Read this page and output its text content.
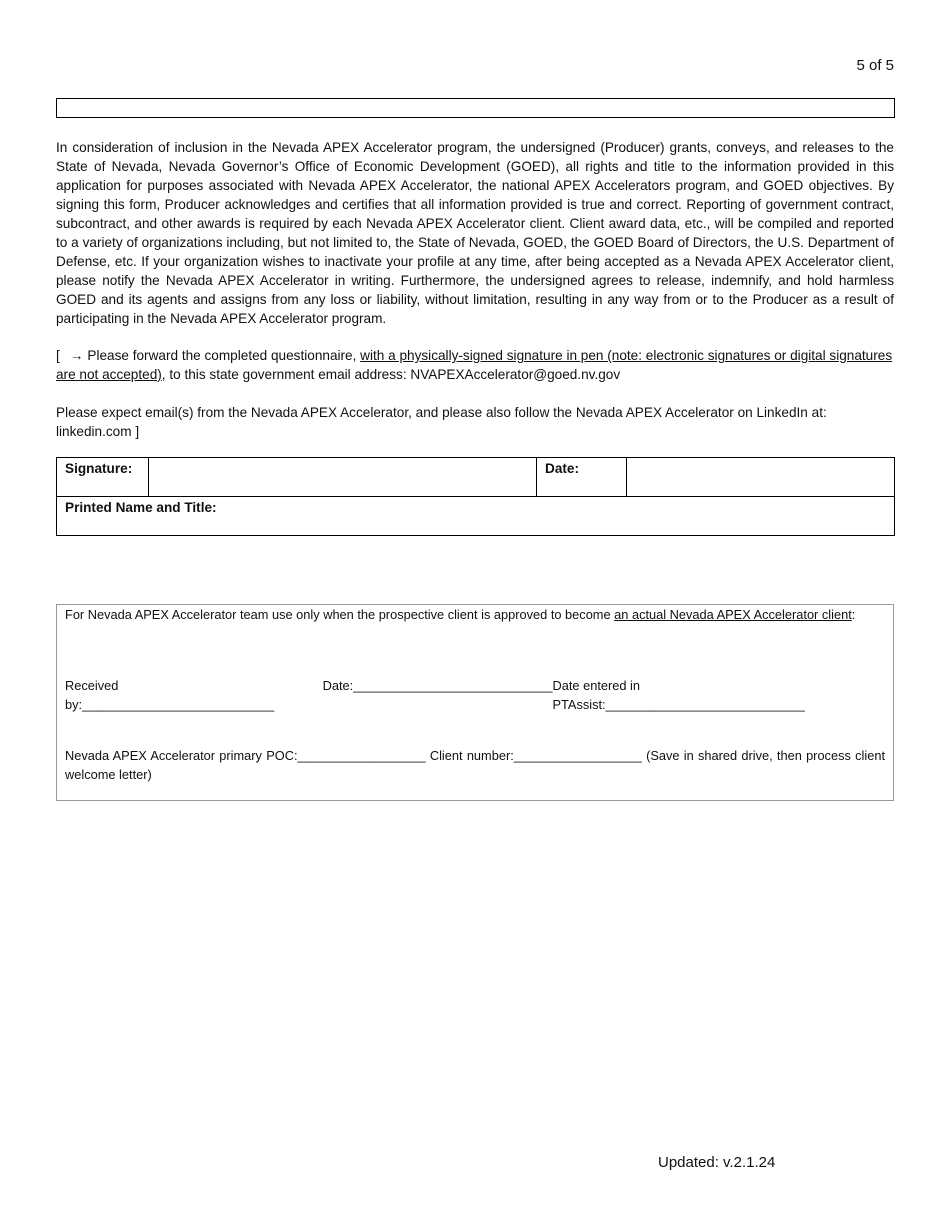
5 of 5

In consideration of inclusion in the Nevada APEX Accelerator program, the undersigned (Producer) grants, conveys, and releases to the State of Nevada, Nevada Governor’s Office of Economic Development (GOED), all rights and title to the information provided in this application for purposes associated with Nevada APEX Accelerator, the national APEX Accelerators program, and GOED objectives. By signing this form, Producer acknowledges and certifies that all information provided is true and correct. Reporting of government contract, subcontract, and other awards is required by each Nevada APEX Accelerator client. Client award data, etc., will be compiled and reported to a variety of organizations including, but not limited to, the State of Nevada, GOED, the GOED Board of Directors, the U.S. Department of Defense, etc. If your organization wishes to inactivate your profile at any time, after being accepted as a Nevada APEX Accelerator client, please notify the Nevada APEX Accelerator in writing. Furthermore, the undersigned agrees to release, indemnify, and hold harmless GOED and its agents and assigns from any loss or liability, without limitation, resulting in any way from or to the Producer as a result of participating in the Nevada APEX Accelerator program.

[ → Please forward the completed questionnaire, with a physically-signed signature in pen (note: electronic signatures or digital signatures are not accepted), to this state government email address: NVAPEXAccelerator@goed.nv.gov

Please expect email(s) from the Nevada APEX Accelerator, and please also follow the Nevada APEX Accelerator on LinkedIn at: linkedin.com ]

Signature:		Date:	
Printed Name and Title:
For Nevada APEX Accelerator team use only when the prospective client is approved to become an actual Nevada APEX Accelerator client:
Received by:___________________________
Date:____________________________ Date entered in PTAssist:____________________________
Nevada APEX Accelerator primary POC:__________________ Client number:__________________ (Save in shared drive, then process client welcome letter)
Updated: v.2.1.24
